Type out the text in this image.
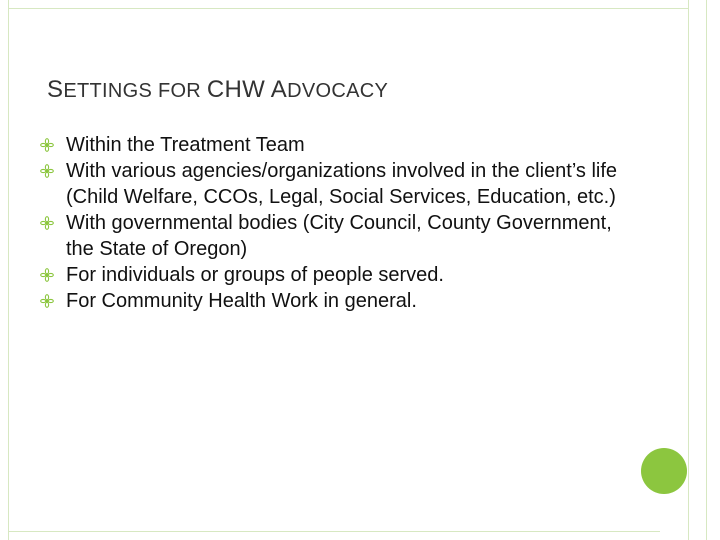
SETTINGS FOR CHW ADVOCACY
Within the Treatment Team
With various agencies/organizations involved in the client’s life (Child Welfare, CCOs, Legal, Social Services, Education, etc.)
With governmental bodies (City Council, County Government, the State of Oregon)
For individuals or groups of people served.
For Community Health Work in general.
